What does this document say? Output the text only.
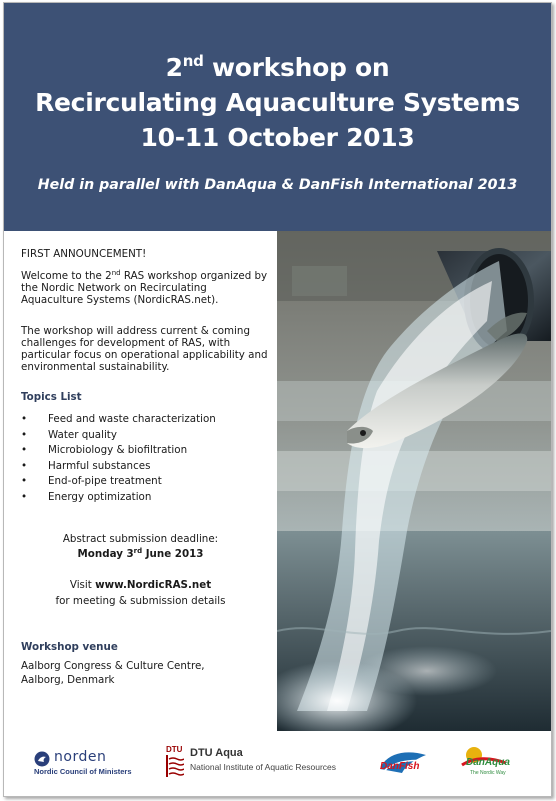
2nd workshop on
Recirculating Aquaculture Systems
10-11 October 2013
Held in parallel with DanAqua & DanFish International 2013
FIRST ANNOUNCEMENT!
Welcome to the 2nd RAS workshop organized by the Nordic Network on Recirculating Aquaculture Systems (NordicRAS.net).
The workshop will address current & coming challenges for development of RAS, with particular focus on operational applicability and environmental sustainability.
Topics List
• Feed and waste characterization
• Water quality
• Microbiology & biofiltration
• Harmful substances
• End-of-pipe treatment
• Energy optimization
Abstract submission deadline:
Monday 3rd June 2013
Visit www.NordicRAS.net
for meeting & submission details
Workshop venue
Aalborg Congress & Culture Centre,
Aalborg, Denmark
norden
Nordic Council of Ministers
DTU DTU Aqua
National Institute of Aquatic Resources	DanFish	DanAqua
The Nordic Way
